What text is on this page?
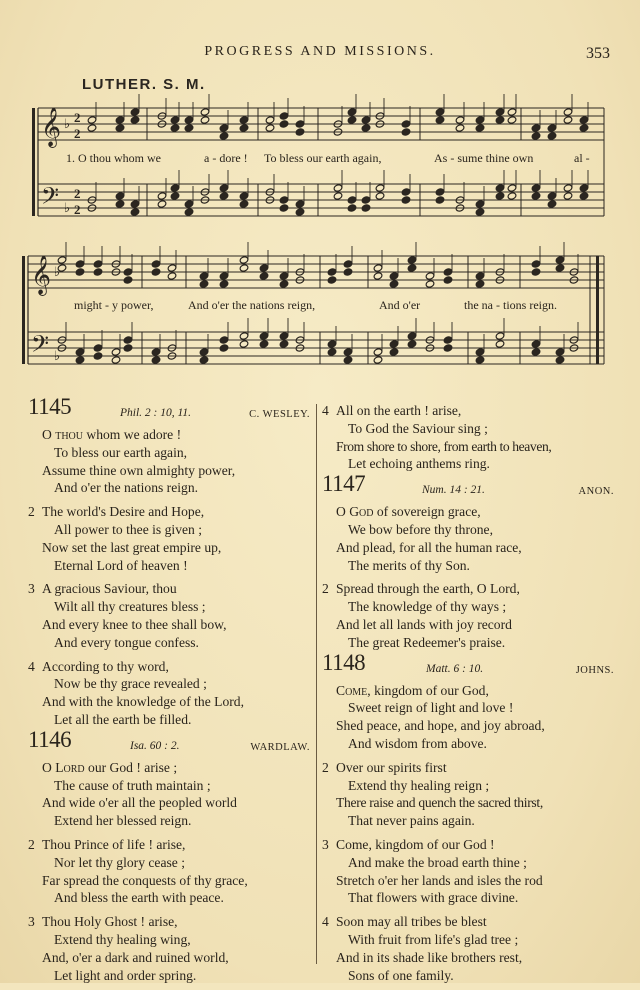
PROGRESS AND MISSIONS.	353
LUTHER. S. M.
𝄞
𝄢
♭
♭
2
2
2
2
𝄞
𝄢
♭
♭
1. O thou whom we	a - dore ! To bless our earth again,	As - sume thine own	al -
might - y power,	And o'er the nations reign,	And o'er	the na - tions reign.
1145	Phil. 2 : 10, 11.	C. WESLEY.
O thou whom we adore !
To bless our earth again,
Assume thine own almighty power,
And o'er the nations reign.
2 The world's Desire and Hope,
All power to thee is given ;
Now set the last great empire up,
Eternal Lord of heaven !
3 A gracious Saviour, thou
Wilt all thy creatures bless ;
And every knee to thee shall bow,
And every tongue confess.
4 According to thy word,
Now be thy grace revealed ;
And with the knowledge of the Lord,
Let all the earth be filled.
1146	Isa. 60 : 2.	WARDLAW.
O Lord our God ! arise ;
The cause of truth maintain ;
And wide o'er all the peopled world
Extend her blessed reign.
2 Thou Prince of life ! arise,
Nor let thy glory cease ;
Far spread the conquests of thy grace,
And bless the earth with peace.
3 Thou Holy Ghost ! arise,
Extend thy healing wing,
And, o'er a dark and ruined world,
Let light and order spring.
4 All on the earth ! arise,
To God the Saviour sing ;
From shore to shore, from earth to heaven,
Let echoing anthems ring.
1147	Num. 14 : 21.	ANON.
O God of sovereign grace,
We bow before thy throne,
And plead, for all the human race,
The merits of thy Son.
2 Spread through the earth, O Lord,
The knowledge of thy ways ;
And let all lands with joy record
The great Redeemer's praise.
1148	Matt. 6 : 10.	JOHNS.
Come, kingdom of our God,
Sweet reign of light and love !
Shed peace, and hope, and joy abroad,
And wisdom from above.
2 Over our spirits first
Extend thy healing reign ;
There raise and quench the sacred thirst,
That never pains again.
3 Come, kingdom of our God !
And make the broad earth thine ;
Stretch o'er her lands and isles the rod
That flowers with grace divine.
4 Soon may all tribes be blest
With fruit from life's glad tree ;
And in its shade like brothers rest,
Sons of one family.
